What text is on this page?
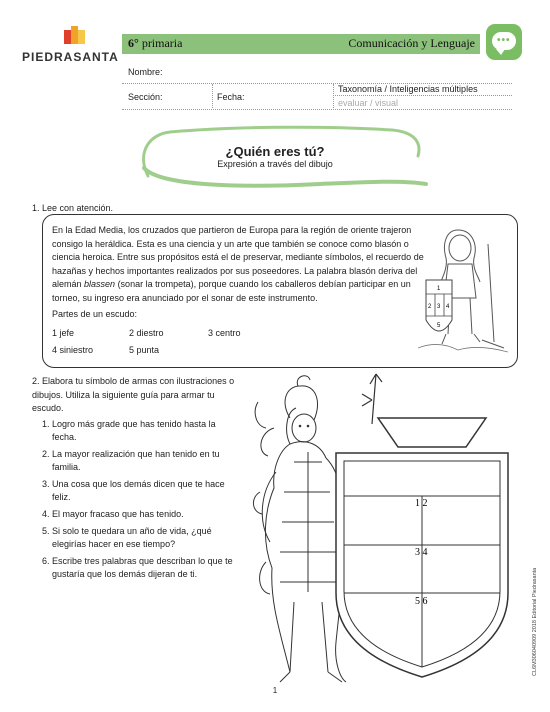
PIEDRASANTA
6° primaria	Comunicación y Lenguaje •••
Nombre:
Sección:	Fecha:
Taxonomía / Inteligencias múltiples
evaluar / visual
¿Quién eres tú?
Expresión a través del dibujo
1. Lee con atención.
En la Edad Media, los cruzados que partieron de Europa para la región de oriente trajeron consigo la heráldica. Esta es una ciencia y un arte que también se conoce como blasón o ciencia heroica. Entre sus propósitos está el de preservar, mediante símbolos, el recuerdo de hazañas y hechos importantes realizados por sus poseedores. La palabra blasón deriva del alemán blassen (sonar la trompeta), porque cuando los caballeros debían participar en un torneo, su ingreso era anunciado por el sonar de este instrumento.
Partes de un escudo:
1 jefe	2 diestro	3 centro
4 siniestro	5 punta
1
2 3 4
5
2. Elabora tu símbolo de armas con ilustraciones o dibujos. Utiliza la siguiente guía para armar tu escudo.
1. Logro más grade que has tenido hasta la fecha.
2. La mayor realización que han tenido en tu familia.
3. Una cosa que los demás dicen que te hace feliz.
4. El mayor fracaso que has tenido.
5. Si solo te quedara un año de vida, ¿qué elegirías hacer en ese tiempo?
6. Escribe tres palabras que describan lo que te gustaría que los demás dijeran de ti.
1 2
3 4
5 6
1
CL6M306040909 2018 Editorial Piedrasanta
